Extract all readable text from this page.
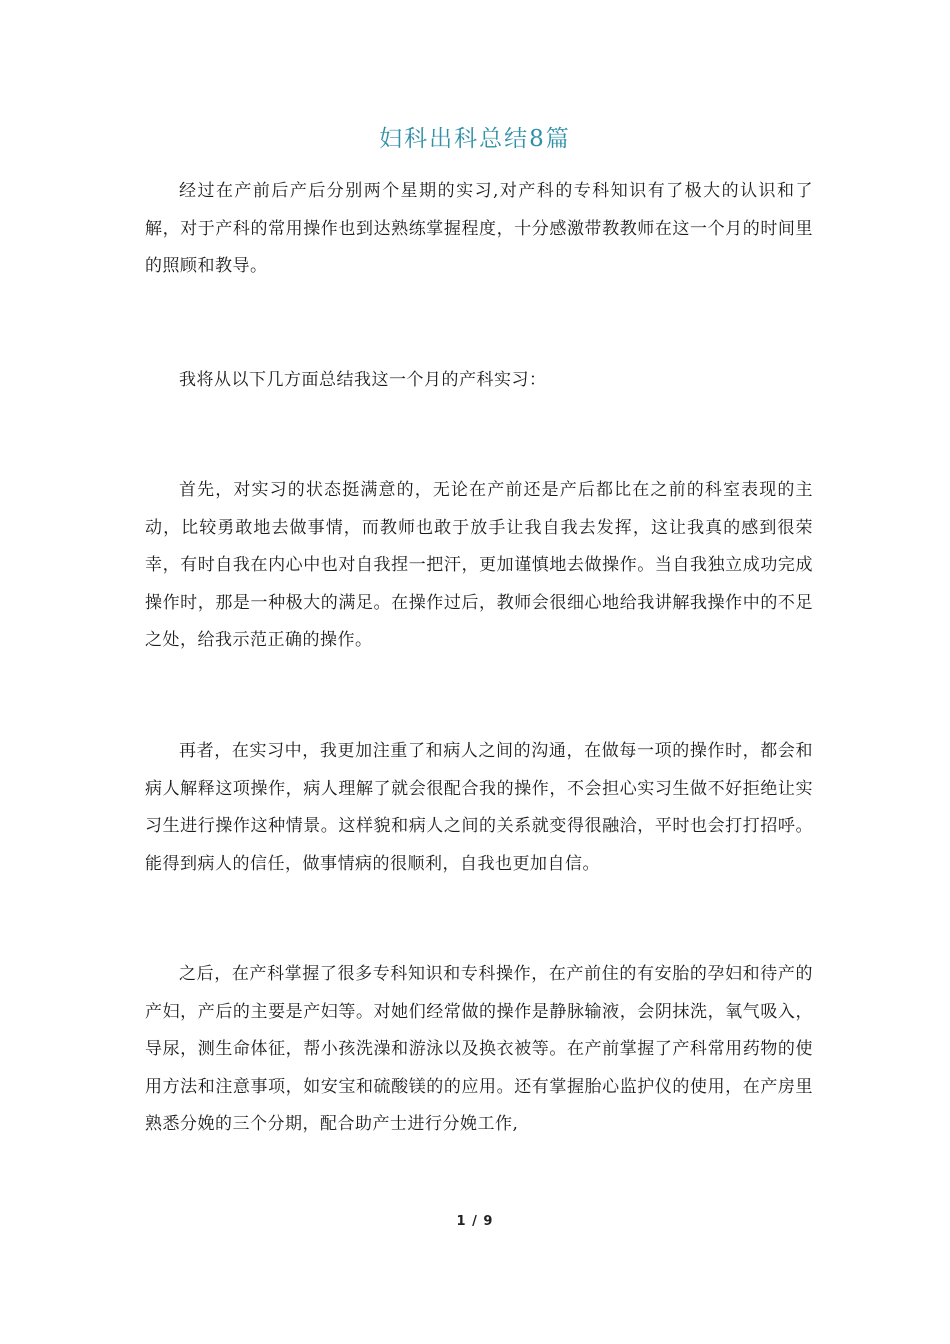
妇科出科总结8篇

经过在产前后产后分别两个星期的实习,对产科的专科知识有了极大的认识和了解，对于产科的常用操作也到达熟练掌握程度，十分感激带教教师在这一个月的时间里的照顾和教导。

我将从以下几方面总结我这一个月的产科实习：

首先，对实习的状态挺满意的，无论在产前还是产后都比在之前的科室表现的主动，比较勇敢地去做事情，而教师也敢于放手让我自我去发挥，这让我真的感到很荣幸，有时自我在内心中也对自我捏一把汗，更加谨慎地去做操作。当自我独立成功完成操作时，那是一种极大的满足。在操作过后，教师会很细心地给我讲解我操作中的不足之处，给我示范正确的操作。

再者，在实习中，我更加注重了和病人之间的沟通，在做每一项的操作时，都会和病人解释这项操作，病人理解了就会很配合我的操作，不会担心实习生做不好拒绝让实习生进行操作这种情景。这样貌和病人之间的关系就变得很融洽，平时也会打打招呼。能得到病人的信任，做事情病的很顺利，自我也更加自信。

之后，在产科掌握了很多专科知识和专科操作，在产前住的有安胎的孕妇和待产的产妇，产后的主要是产妇等。对她们经常做的操作是静脉输液，会阴抹洗，氧气吸入，导尿，测生命体征，帮小孩洗澡和游泳以及换衣被等。在产前掌握了产科常用药物的使用方法和注意事项，如安宝和硫酸镁的的应用。还有掌握胎心监护仪的使用，在产房里熟悉分娩的三个分期，配合助产士进行分娩工作,

1 / 9
